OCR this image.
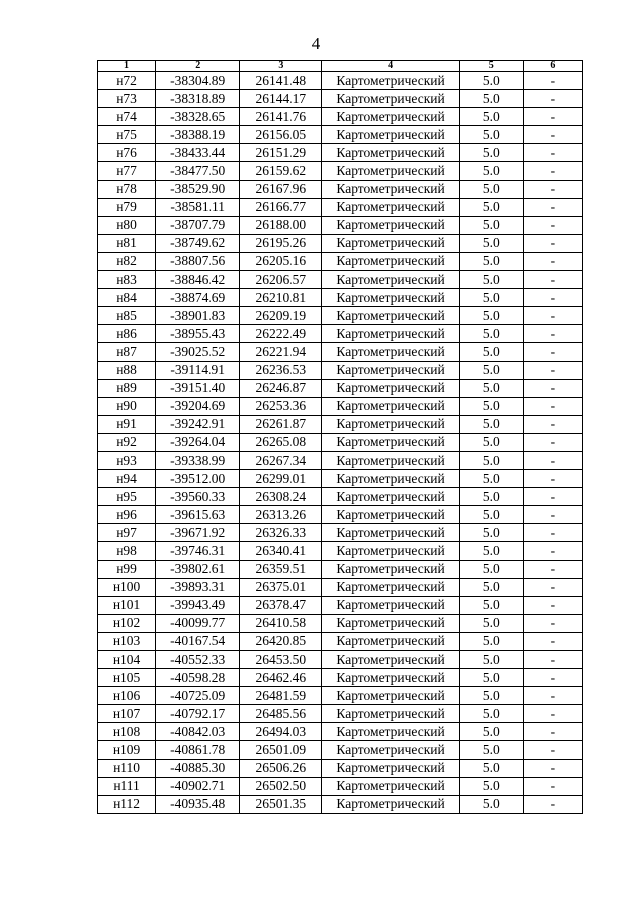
4
1	2	3	4	5	6
н72	-38304.89	26141.48	Картометрический	5.0	-
н73	-38318.89	26144.17	Картометрический	5.0	-
н74	-38328.65	26141.76	Картометрический	5.0	-
н75	-38388.19	26156.05	Картометрический	5.0	-
н76	-38433.44	26151.29	Картометрический	5.0	-
н77	-38477.50	26159.62	Картометрический	5.0	-
н78	-38529.90	26167.96	Картометрический	5.0	-
н79	-38581.11	26166.77	Картометрический	5.0	-
н80	-38707.79	26188.00	Картометрический	5.0	-
н81	-38749.62	26195.26	Картометрический	5.0	-
н82	-38807.56	26205.16	Картометрический	5.0	-
н83	-38846.42	26206.57	Картометрический	5.0	-
н84	-38874.69	26210.81	Картометрический	5.0	-
н85	-38901.83	26209.19	Картометрический	5.0	-
н86	-38955.43	26222.49	Картометрический	5.0	-
н87	-39025.52	26221.94	Картометрический	5.0	-
н88	-39114.91	26236.53	Картометрический	5.0	-
н89	-39151.40	26246.87	Картометрический	5.0	-
н90	-39204.69	26253.36	Картометрический	5.0	-
н91	-39242.91	26261.87	Картометрический	5.0	-
н92	-39264.04	26265.08	Картометрический	5.0	-
н93	-39338.99	26267.34	Картометрический	5.0	-
н94	-39512.00	26299.01	Картометрический	5.0	-
н95	-39560.33	26308.24	Картометрический	5.0	-
н96	-39615.63	26313.26	Картометрический	5.0	-
н97	-39671.92	26326.33	Картометрический	5.0	-
н98	-39746.31	26340.41	Картометрический	5.0	-
н99	-39802.61	26359.51	Картометрический	5.0	-
н100	-39893.31	26375.01	Картометрический	5.0	-
н101	-39943.49	26378.47	Картометрический	5.0	-
н102	-40099.77	26410.58	Картометрический	5.0	-
н103	-40167.54	26420.85	Картометрический	5.0	-
н104	-40552.33	26453.50	Картометрический	5.0	-
н105	-40598.28	26462.46	Картометрический	5.0	-
н106	-40725.09	26481.59	Картометрический	5.0	-
н107	-40792.17	26485.56	Картометрический	5.0	-
н108	-40842.03	26494.03	Картометрический	5.0	-
н109	-40861.78	26501.09	Картометрический	5.0	-
н110	-40885.30	26506.26	Картометрический	5.0	-
н111	-40902.71	26502.50	Картометрический	5.0	-
н112	-40935.48	26501.35	Картометрический	5.0	-
